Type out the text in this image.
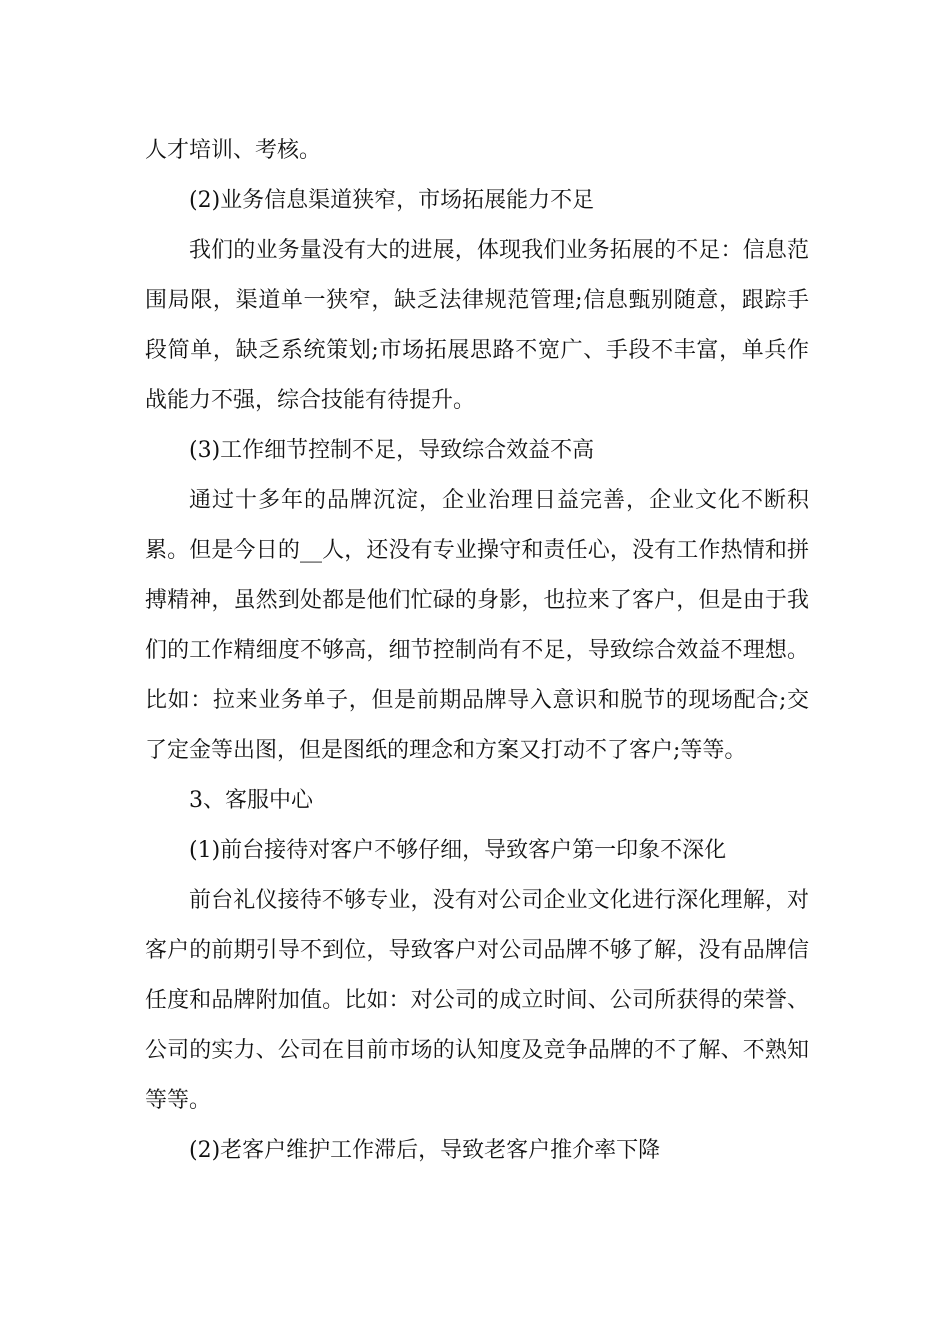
人才培训、考核。

(2)业务信息渠道狭窄，市场拓展能力不足

我们的业务量没有大的进展，体现我们业务拓展的不足：信息范围局限，渠道单一狭窄，缺乏法律规范管理;信息甄别随意，跟踪手段简单，缺乏系统策划;市场拓展思路不宽广、手段不丰富，单兵作战能力不强，综合技能有待提升。

(3)工作细节控制不足，导致综合效益不高

通过十多年的品牌沉淀，企业治理日益完善，企业文化不断积累。但是今日的__人，还没有专业操守和责任心，没有工作热情和拼搏精神，虽然到处都是他们忙碌的身影，也拉来了客户，但是由于我们的工作精细度不够高，细节控制尚有不足，导致综合效益不理想。比如：拉来业务单子，但是前期品牌导入意识和脱节的现场配合;交了定金等出图，但是图纸的理念和方案又打动不了客户;等等。

3、客服中心

(1)前台接待对客户不够仔细，导致客户第一印象不深化

前台礼仪接待不够专业，没有对公司企业文化进行深化理解，对客户的前期引导不到位，导致客户对公司品牌不够了解，没有品牌信任度和品牌附加值。比如：对公司的成立时间、公司所获得的荣誉、公司的实力、公司在目前市场的认知度及竞争品牌的不了解、不熟知等等。

(2)老客户维护工作滞后，导致老客户推介率下降
